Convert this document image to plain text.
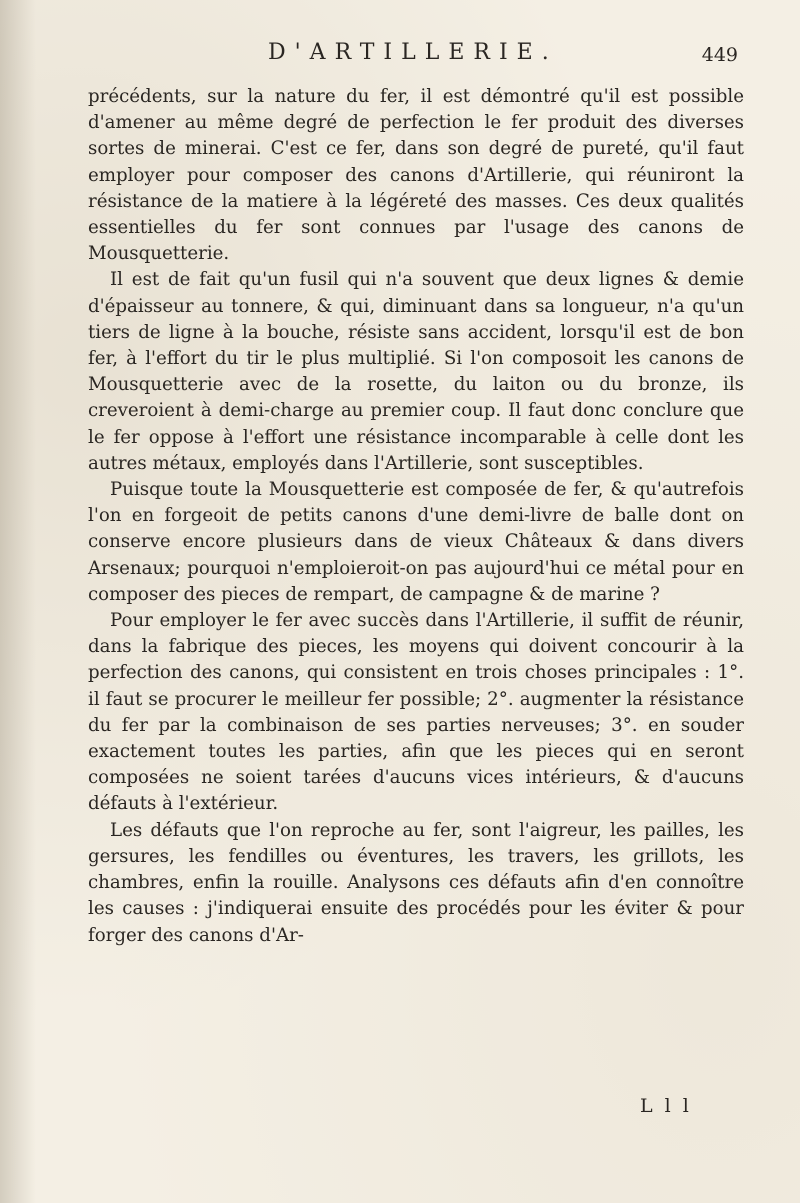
D'ARTILLERIE.	449

précédents, sur la nature du fer, il est démontré qu'il est possible d'amener au même degré de perfection le fer produit des diverses sortes de minerai. C'est ce fer, dans son degré de pureté, qu'il faut employer pour composer des canons d'Artillerie, qui réuniront la résistance de la matiere à la légéreté des masses. Ces deux qualités essentielles du fer sont connues par l'usage des canons de Mousquetterie.

Il est de fait qu'un fusil qui n'a souvent que deux lignes & demie d'épaisseur au tonnere, & qui, diminuant dans sa longueur, n'a qu'un tiers de ligne à la bouche, résiste sans accident, lorsqu'il est de bon fer, à l'effort du tir le plus multiplié. Si l'on composoit les canons de Mousquetterie avec de la rosette, du laiton ou du bronze, ils creveroient à demi-charge au premier coup. Il faut donc conclure que le fer oppose à l'effort une résistance incomparable à celle dont les autres métaux, employés dans l'Artillerie, sont susceptibles.

Puisque toute la Mousquetterie est composée de fer, & qu'autrefois l'on en forgeoit de petits canons d'une demi-livre de balle dont on conserve encore plusieurs dans de vieux Châteaux & dans divers Arsenaux; pourquoi n'emploieroit-on pas aujourd'hui ce métal pour en composer des pieces de rempart, de campagne & de marine ?

Pour employer le fer avec succès dans l'Artillerie, il suffit de réunir, dans la fabrique des pieces, les moyens qui doivent concourir à la perfection des canons, qui consistent en trois choses principales : 1°. il faut se procurer le meilleur fer possible; 2°. augmenter la résistance du fer par la combinaison de ses parties nerveuses; 3°. en souder exactement toutes les parties, afin que les pieces qui en seront composées ne soient tarées d'aucuns vices intérieurs, & d'aucuns défauts à l'extérieur.

Les défauts que l'on reproche au fer, sont l'aigreur, les pailles, les gersures, les fendilles ou éventures, les travers, les grillots, les chambres, enfin la rouille. Analysons ces défauts afin d'en connoître les causes : j'indiquerai ensuite des procédés pour les éviter & pour forger des canons d'Ar-

L l l
